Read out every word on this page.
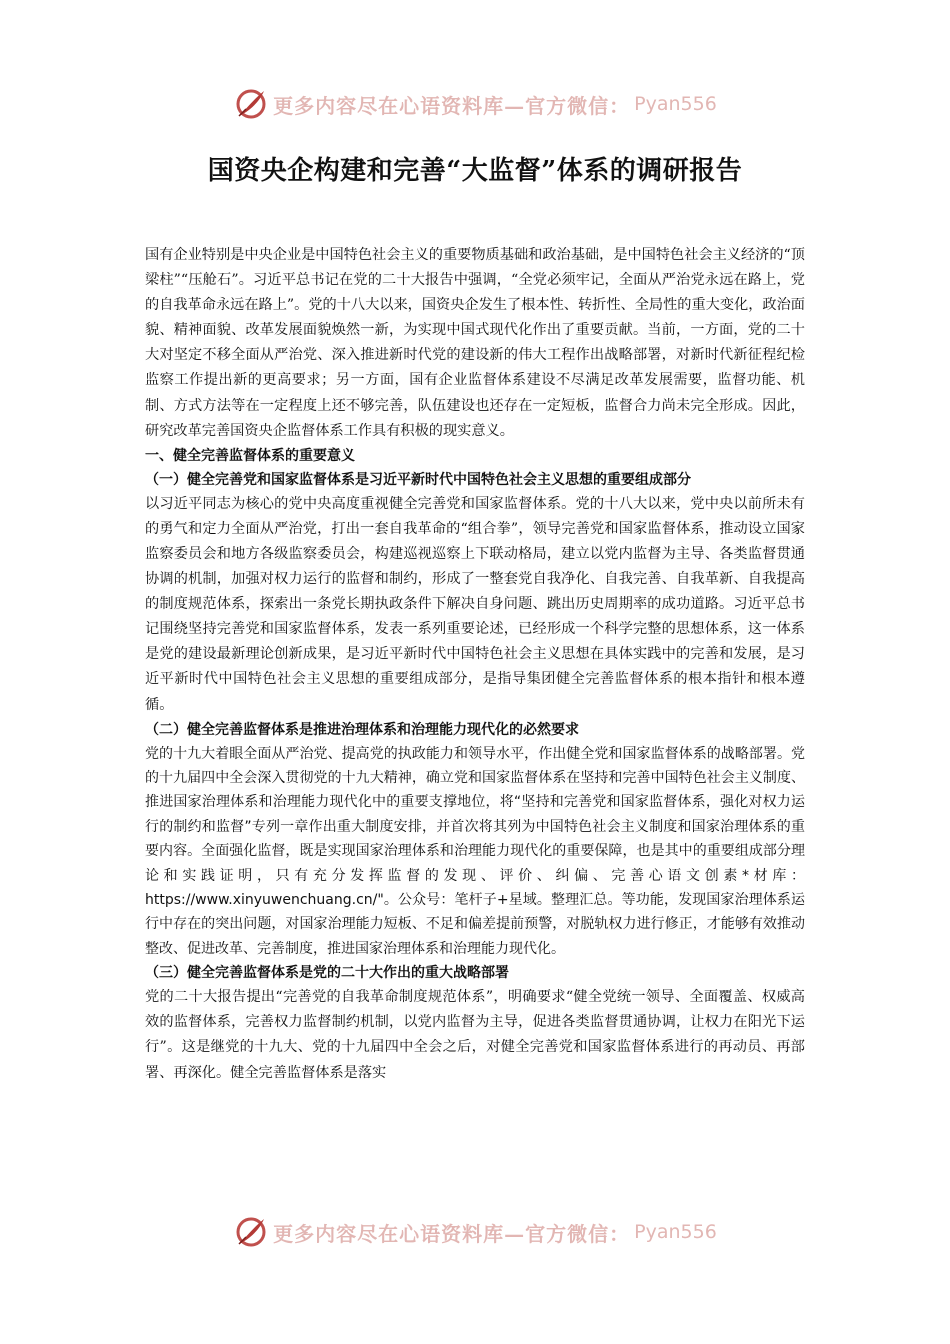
更多内容尽在心语资料库—官方微信： Pyan556
国资央企构建和完善“大监督”体系的调研报告

国有企业特别是中央企业是中国特色社会主义的重要物质基础和政治基础，是中国特色社会主义经济的“顶梁柱”“压舱石”。习近平总书记在党的二十大报告中强调，“全党必须牢记，全面从严治党永远在路上，党的自我革命永远在路上”。党的十八大以来，国资央企发生了根本性、转折性、全局性的重大变化，政治面貌、精神面貌、改革发展面貌焕然一新，为实现中国式现代化作出了重要贡献。当前，一方面，党的二十大对坚定不移全面从严治党、深入推进新时代党的建设新的伟大工程作出战略部署，对新时代新征程纪检监察工作提出新的更高要求；另一方面，国有企业监督体系建设不尽满足改革发展需要，监督功能、机制、方式方法等在一定程度上还不够完善，队伍建设也还存在一定短板，监督合力尚未完全形成。因此，研究改革完善国资央企监督体系工作具有积极的现实意义。

一、健全完善监督体系的重要意义
（一）健全完善党和国家监督体系是习近平新时代中国特色社会主义思想的重要组成部分

以习近平同志为核心的党中央高度重视健全完善党和国家监督体系。党的十八大以来，党中央以前所未有的勇气和定力全面从严治党，打出一套自我革命的“组合拳”，领导完善党和国家监督体系，推动设立国家监察委员会和地方各级监察委员会，构建巡视巡察上下联动格局，建立以党内监督为主导、各类监督贯通协调的机制，加强对权力运行的监督和制约，形成了一整套党自我净化、自我完善、自我革新、自我提高的制度规范体系，探索出一条党长期执政条件下解决自身问题、跳出历史周期率的成功道路。习近平总书记围绕坚持完善党和国家监督体系，发表一系列重要论述，已经形成一个科学完整的思想体系，这一体系是党的建设最新理论创新成果，是习近平新时代中国特色社会主义思想在具体实践中的完善和发展，是习近平新时代中国特色社会主义思想的重要组成部分，是指导集团健全完善监督体系的根本指针和根本遵循。

（二）健全完善监督体系是推进治理体系和治理能力现代化的必然要求

党的十九大着眼全面从严治党、提高党的执政能力和领导水平，作出健全党和国家监督体系的战略部署。党的十九届四中全会深入贯彻党的十九大精神，确立党和国家监督体系在坚持和完善中国特色社会主义制度、推进国家治理体系和治理能力现代化中的重要支撑地位，将“坚持和完善党和国家监督体系，强化对权力运行的制约和监督”专列一章作出重大制度安排，并首次将其列为中国特色社会主义制度和国家治理体系的重要内容。全面强化监督，既是实现国家治理体系和治理能力现代化的重要保障，也是其中的重要组成部分理论和实践证明，只有充分发挥监督的发现、评价、纠偏、完善心语文创素*材库：https://www.xinyuwenchuang.cn/"。公众号：笔杆子+星域。整理汇总。等功能，发现国家治理体系运行中存在的突出问题，对国家治理能力短板、不足和偏差提前预警，对脱轨权力进行修正，才能够有效推动整改、促进改革、完善制度，推进国家治理体系和治理能力现代化。

（三）健全完善监督体系是党的二十大作出的重大战略部署

党的二十大报告提出“完善党的自我革命制度规范体系”，明确要求“健全党统一领导、全面覆盖、权威高效的监督体系，完善权力监督制约机制，以党内监督为主导，促进各类监督贯通协调，让权力在阳光下运行”。这是继党的十九大、党的十九届四中全会之后，对健全完善党和国家监督体系进行的再动员、再部署、再深化。健全完善监督体系是落实

更多内容尽在心语资料库—官方微信： Pyan556
